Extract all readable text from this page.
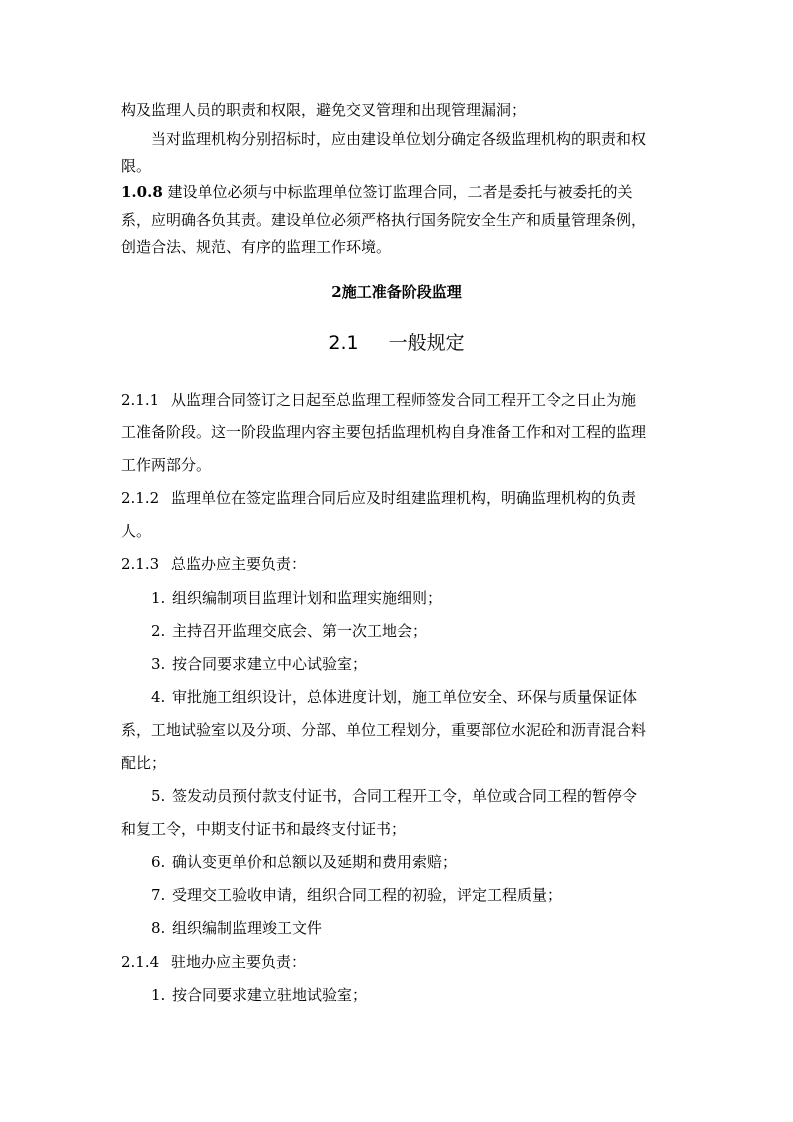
构及监理人员的职责和权限，避免交叉管理和出现管理漏洞；
当对监理机构分别招标时，应由建设单位划分确定各级监理机构的职责和权
限。
1.0.8 建设单位必须与中标监理单位签订监理合同，二者是委托与被委托的关
系，应明确各负其责。建设单位必须严格执行国务院安全生产和质量管理条例，
创造合法、规范、有序的监理工作环境。
2施工准备阶段监理
2.1 一般规定
2.1.1 从监理合同签订之日起至总监理工程师签发合同工程开工令之日止为施
工准备阶段。这一阶段监理内容主要包括监理机构自身准备工作和对工程的监理
工作两部分。
2.1.2 监理单位在签定监理合同后应及时组建监理机构，明确监理机构的负责
人。
2.1.3 总监办应主要负责：
1. 组织编制项目监理计划和监理实施细则；
2. 主持召开监理交底会、第一次工地会；
3. 按合同要求建立中心试验室；
4. 审批施工组织设计，总体进度计划，施工单位安全、环保与质量保证体
系，工地试验室以及分项、分部、单位工程划分，重要部位水泥砼和沥青混合料
配比；
5. 签发动员预付款支付证书，合同工程开工令，单位或合同工程的暂停令
和复工令，中期支付证书和最终支付证书；
6. 确认变更单价和总额以及延期和费用索赔；
7. 受理交工验收申请，组织合同工程的初验，评定工程质量；
8. 组织编制监理竣工文件
2.1.4 驻地办应主要负责：
1. 按合同要求建立驻地试验室；
